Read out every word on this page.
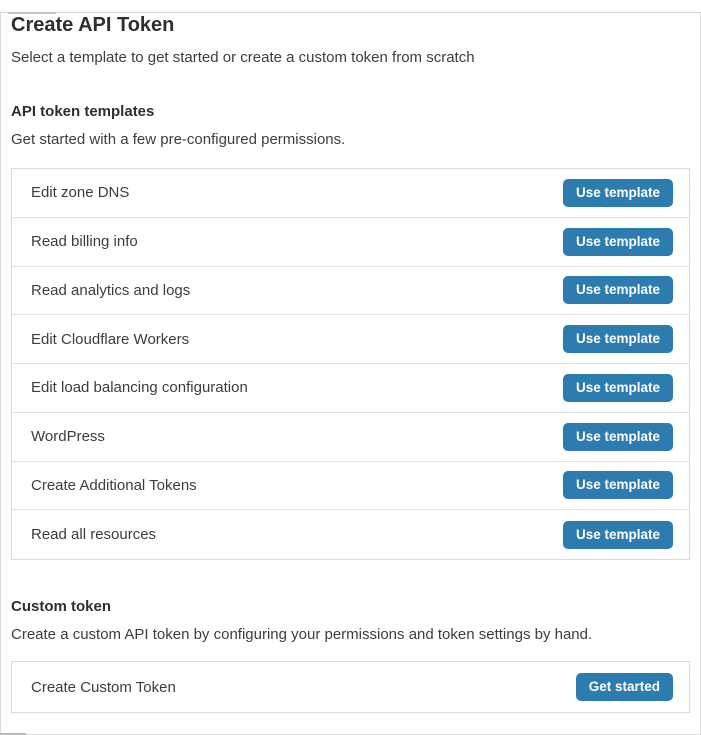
Create API Token
Select a template to get started or create a custom token from scratch
API token templates
Get started with a few pre-configured permissions.
Edit zone DNS	Use template
Read billing info	Use template
Read analytics and logs	Use template
Edit Cloudflare Workers	Use template
Edit load balancing configuration	Use template
WordPress	Use template
Create Additional Tokens	Use template
Read all resources	Use template
Custom token
Create a custom API token by configuring your permissions and token settings by hand.
Create Custom Token	Get started
